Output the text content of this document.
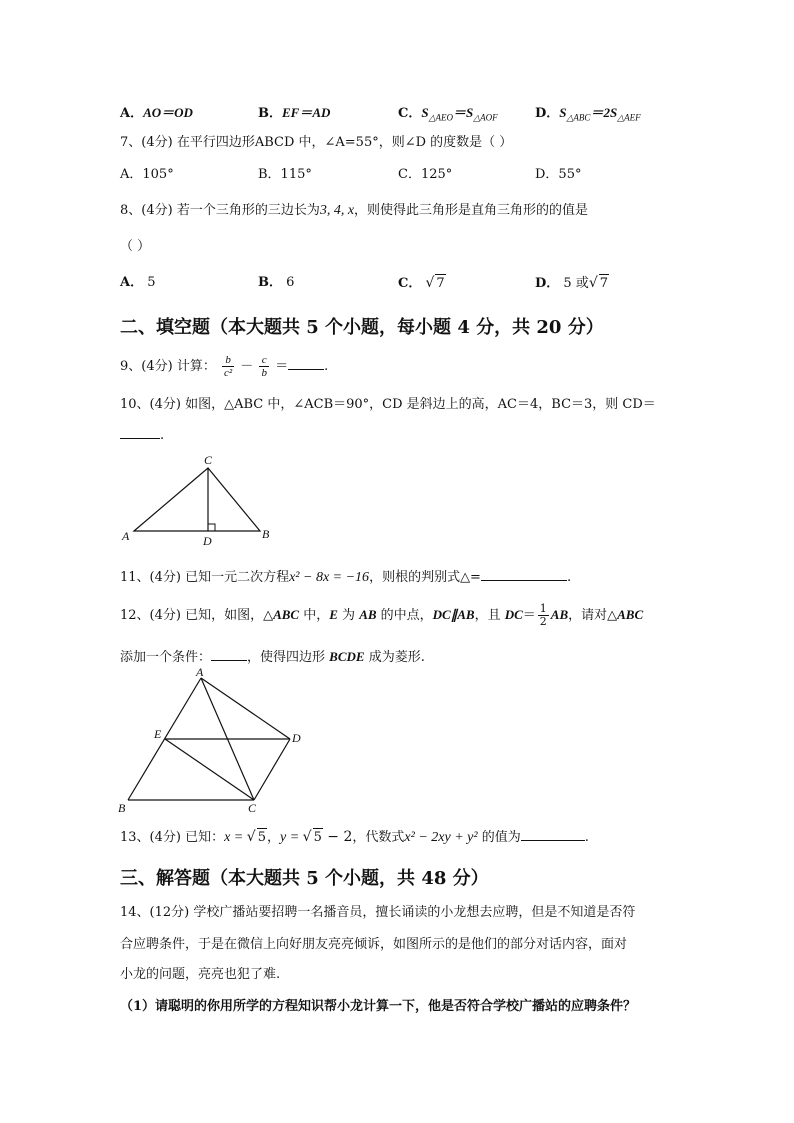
A．AO＝OD	B．EF＝AD	C．$S_{\triangle AEO}=S_{\triangle AOF}$	D．$S_{\triangle ABC}=2S_{\triangle AEF}$
7、(4分) 在平行四边形ABCD 中，∠A=55°，则∠D 的度数是（ ）
A．105°	B．115°	C．125°	D．55°
8、(4分) 若一个三角形的三边长为3, 4, x，则使得此三角形是直角三角形的的值是
（ ）
A． 5	B． 6	C． √ 7	D． 5 或√ 7
二、填空题（本大题共 5 个小题，每小题 4 分，共 20 分）
9、(4分) 计算： $\frac{b}{\text{c²}} - \frac{c}{b}$ ＝	.
10、(4分) 如图，△ABC 中，∠ACB＝90°，CD 是斜边上的高，AC＝4，BC＝3，则 CD＝
.
C
A	D	B
11、(4分) 已知一元二次方程x² − 8x = −16，则根的判别式△=	.
12、(4分) 已知，如图，△ABC 中，E 为 AB 的中点，DC∥AB，且 $DC= \frac{1}{2}$ AB，请对△ABC
添加一个条件：	，使得四边形 BCDE 成为菱形.
A
E	D
B	C
13、(4分) 已知：x = √ 5，y = √ 5 − 2，代数式x² − 2xy + y² 的值为	.
三、解答题（本大题共 5 个小题，共 48 分）
14、(12分) 学校广播站要招聘一名播音员，擅长诵读的小龙想去应聘，但是不知道是否符
合应聘条件，于是在微信上向好朋友亮亮倾诉，如图所示的是他们的部分对话内容，面对
小龙的问题，亮亮也犯了难.
（1）请聪明的你用所学的方程知识帮小龙计算一下，他是否符合学校广播站的应聘条件？
